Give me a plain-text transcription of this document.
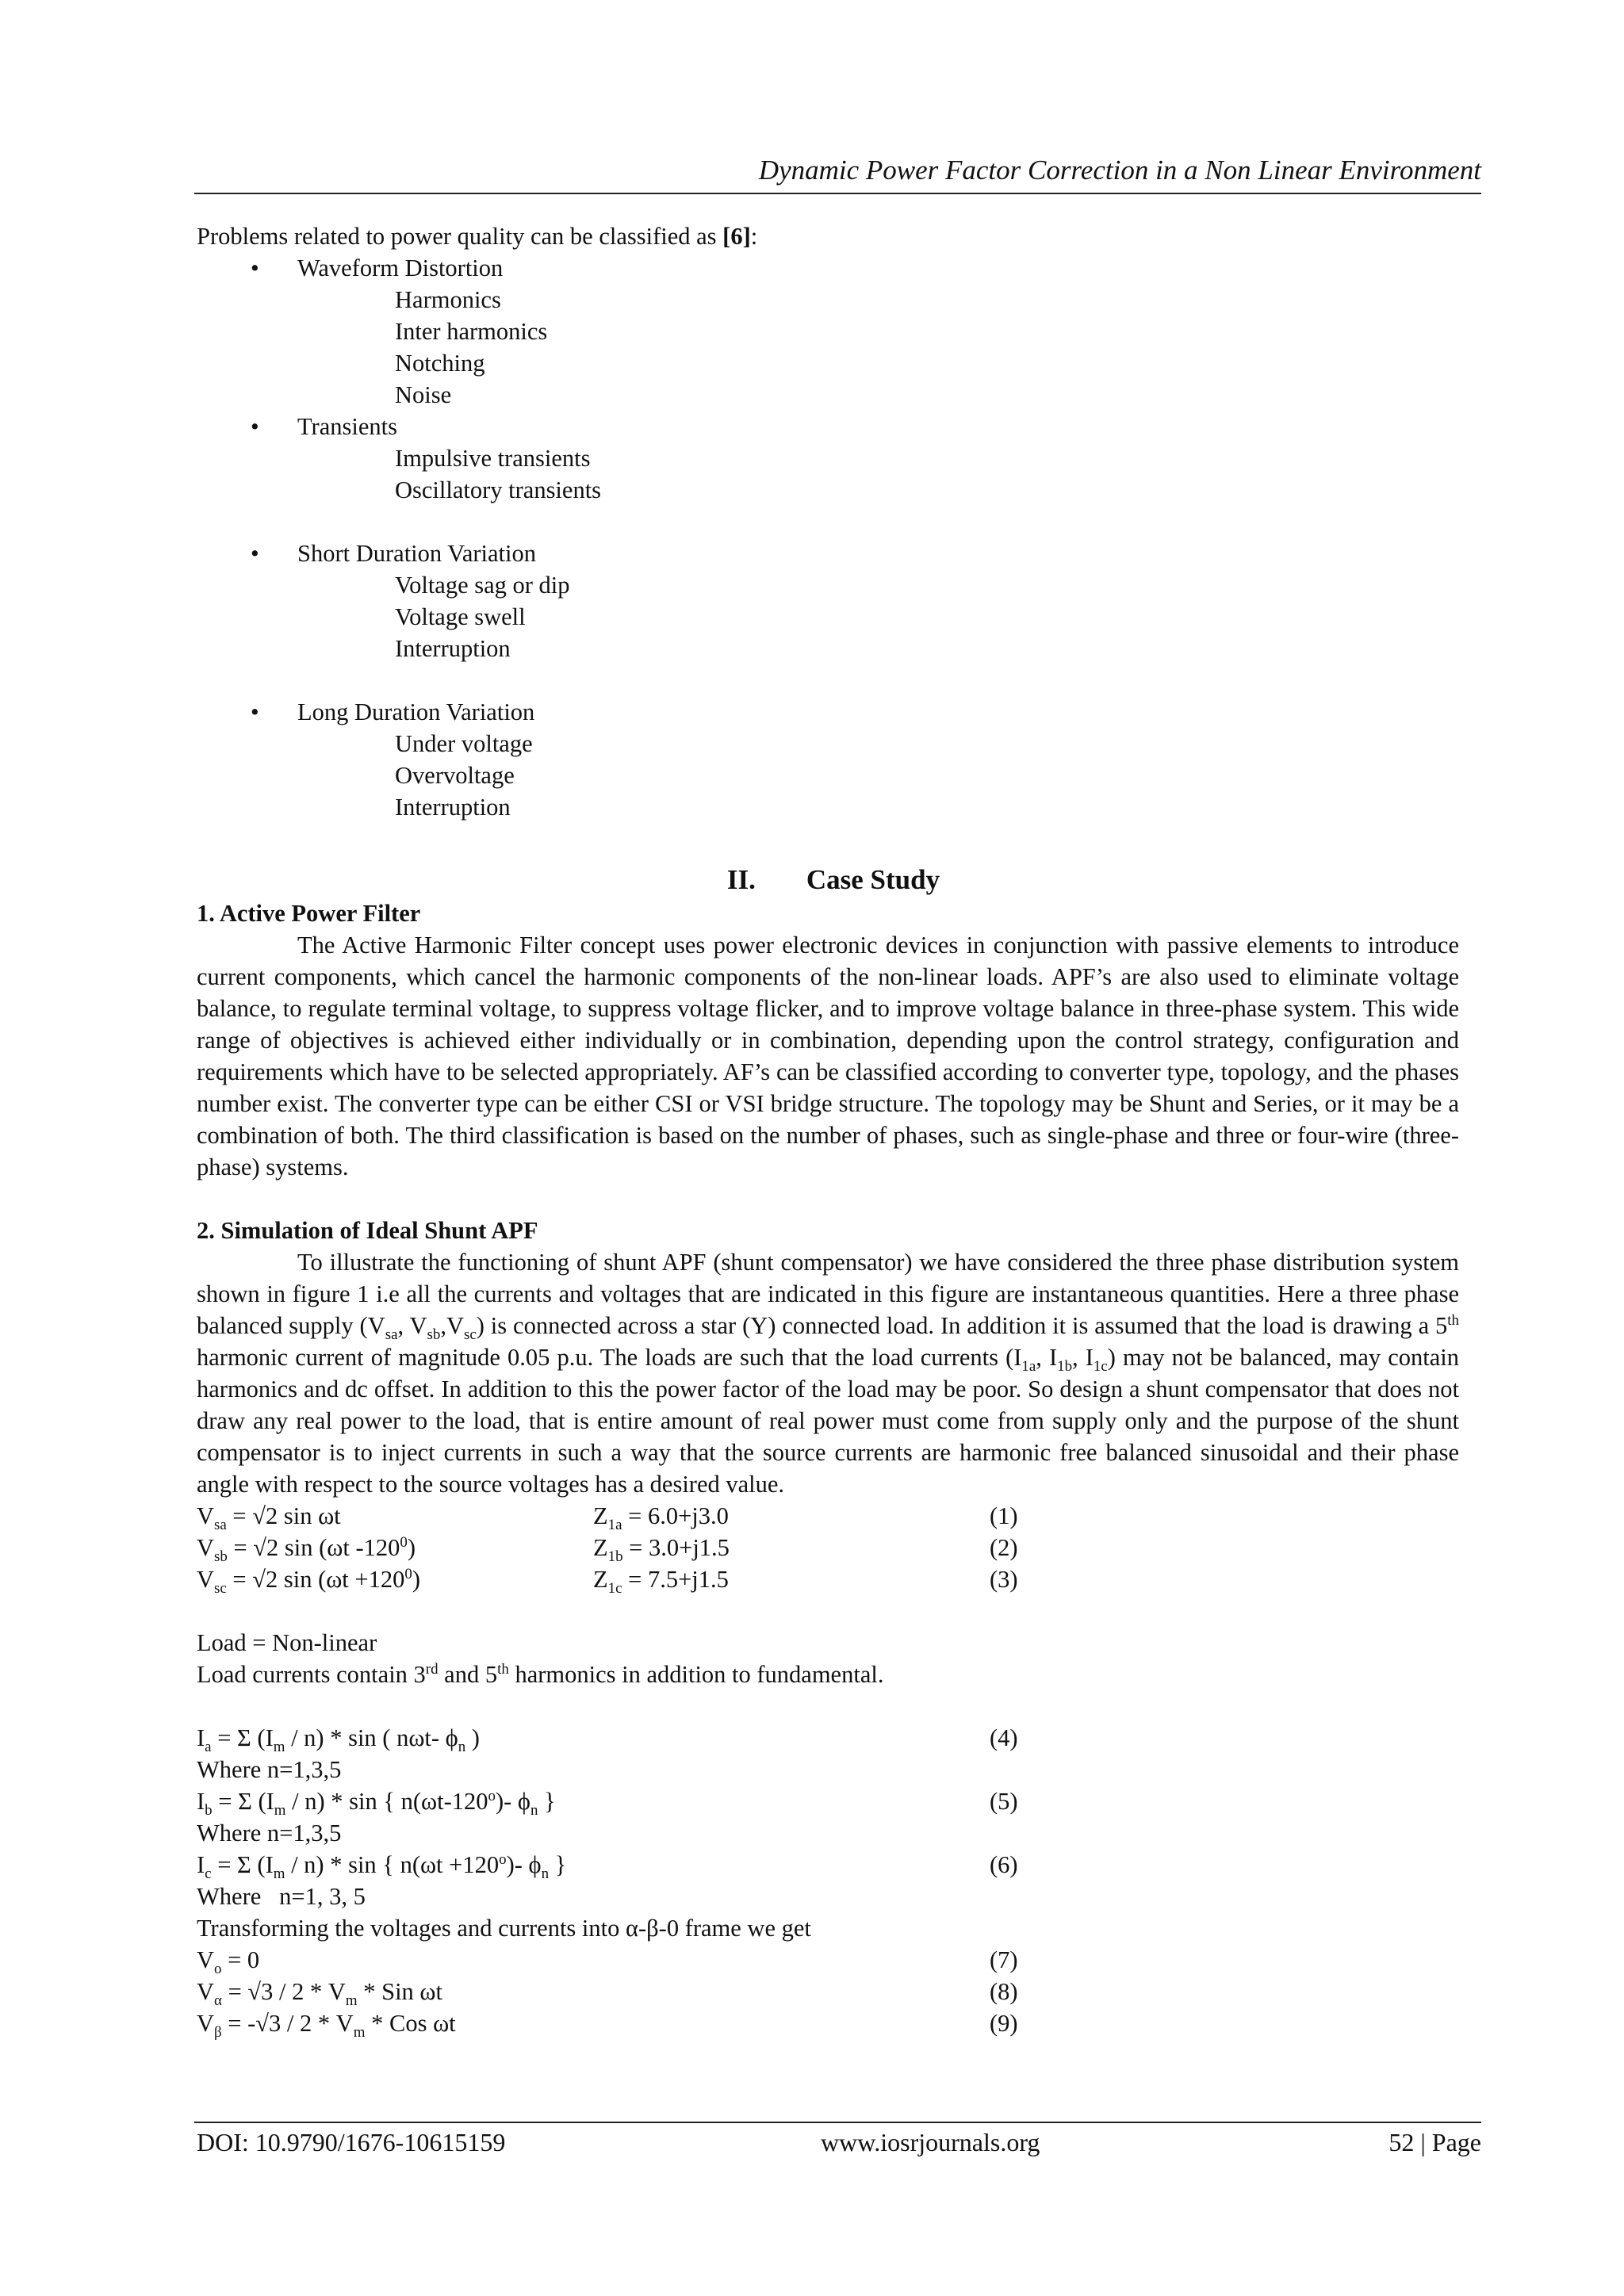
Dynamic Power Factor Correction in a Non Linear Environment

Problems related to power quality can be classified as [6]:

• Waveform Distortion

Harmonics

Inter harmonics

Notching

Noise

• Transients

Impulsive transients

Oscillatory transients

• Short Duration Variation

Voltage sag or dip

Voltage swell

Interruption

• Long Duration Variation

Under voltage

Overvoltage

Interruption

II. Case Study

1. Active Power Filter

The Active Harmonic Filter concept uses power electronic devices in conjunction with passive elements to introduce current components, which cancel the harmonic components of the non-linear loads. APF’s are also used to eliminate voltage balance, to regulate terminal voltage, to suppress voltage flicker, and to improve voltage balance in three-phase system. This wide range of objectives is achieved either individually or in combination, depending upon the control strategy, configuration and requirements which have to be selected appropriately. AF’s can be classified according to converter type, topology, and the phases number exist. The converter type can be either CSI or VSI bridge structure. The topology may be Shunt and Series, or it may be a combination of both. The third classification is based on the number of phases, such as single-phase and three or four-wire (three-phase) systems.

2. Simulation of Ideal Shunt APF

To illustrate the functioning of shunt APF (shunt compensator) we have considered the three phase distribution system shown in figure 1 i.e all the currents and voltages that are indicated in this figure are instantaneous quantities. Here a three phase balanced supply ($V_{sa}$, $V_{sb},V_{sc}$) is connected across a star (Y) connected load. In addition it is assumed that the load is drawing a 5th harmonic current of magnitude 0.05 p.u. The loads are such that the load currents ($I_{1a}$, $I_{1b}$, $I_{1c}$) may not be balanced, may contain harmonics and dc offset. In addition to this the power factor of the load may be poor. So design a shunt compensator that does not draw any real power to the load, that is entire amount of real power must come from supply only and the purpose of the shunt compensator is to inject currents in such a way that the source currents are harmonic free balanced sinusoidal and their phase angle with respect to the source voltages has a desired value.

$V_{sa} = √2$ sin ωt	$Z_{1a} = 6.0+j3.0$	(1)
$V_{sb} = √2$ sin (ωt $-120^0$)	$Z_{1b} = 3.0+j1.5$	(2)
$V_{sc} = √2$ $\sin (\omega t +120^0)$	$Z_{1c} = 7.5+j1.5$	(3)

Load = Non-linear

Load currents contain 3rd and 5th harmonics in addition to fundamental.

$I_a = \Sigma$ $(I_m / n)$ * sin ( nωt- $\phi_n$ )	(4)

Where n=1,3,5

$I_b = \Sigma$ $(I_m / n)$ * sin { n(ωt-120$^o$)- $\phi_n$ }	(5)

Where n=1,3,5

$I_c = \Sigma$ $(I_m / n)$ * sin { $n(\omega t +120^o)-$ $\phi_n$ }	(6)

Where   n=1, 3, 5

Transforming the voltages and currents into α-β-0 frame we get

$V_o = 0$	(7)
$V_\alpha = √3 / 2 * V_m$ * Sin ωt	(8)
$V_\beta = -√3 / 2 * V_m$ * Cos ωt	(9)
DOI: 10.9790/1676-10615159	www.iosrjournals.org	52 | Page
